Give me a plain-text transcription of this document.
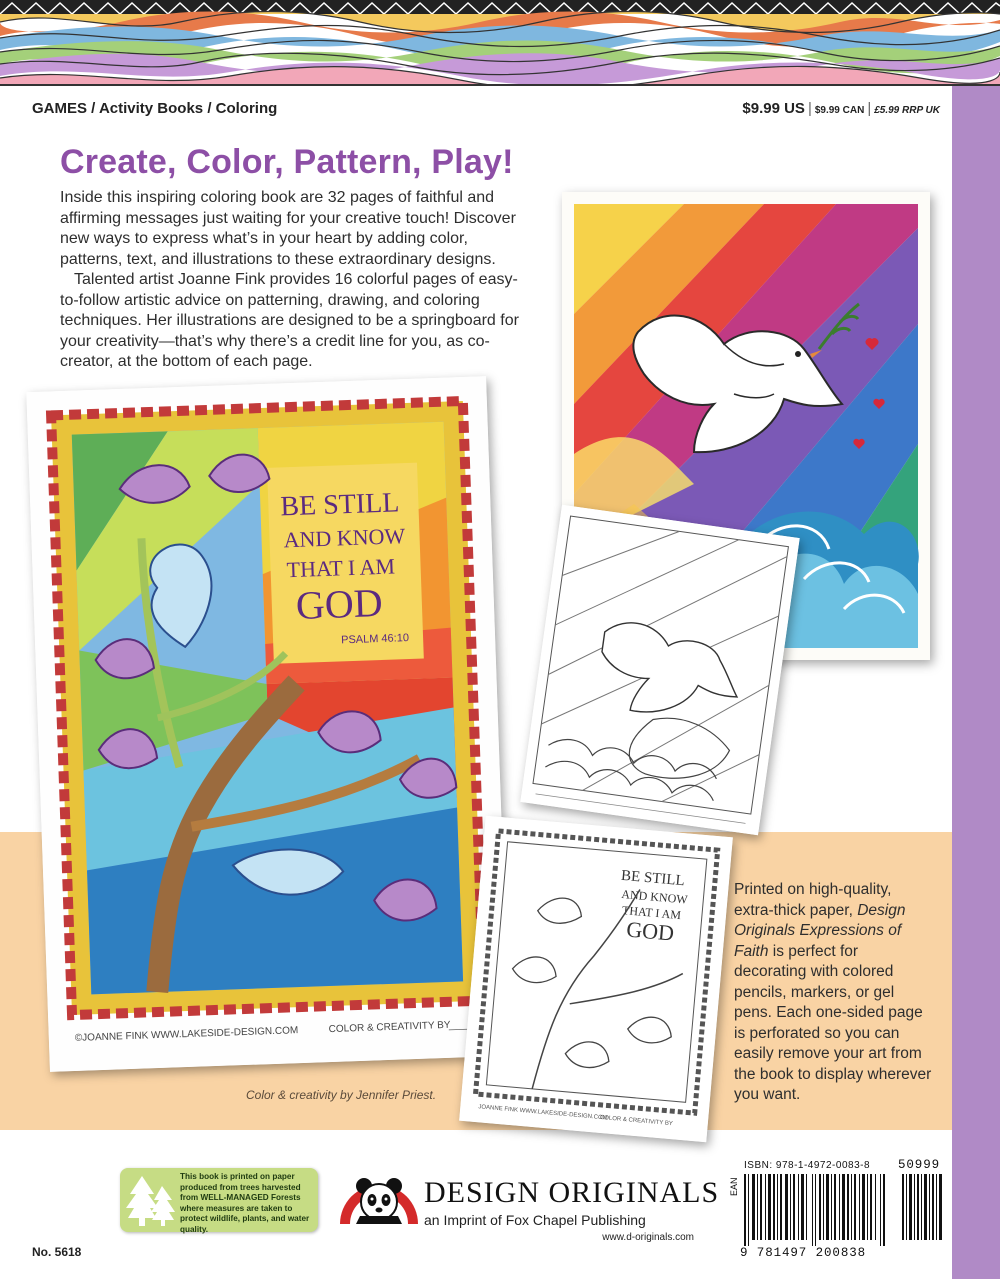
GAMES / Activity Books / Coloring	$9.99 US | $9.99 CAN | £5.99 RRP UK
Create, Color, Pattern, Play!

Inside this inspiring coloring book are 32 pages of faithful and affirming messages just waiting for your creative touch! Discover new ways to express what’s in your heart by adding color, patterns, text, and illustrations to these extraordinary designs.

Talented artist Joanne Fink provides 16 colorful pages of easy-to-follow artistic advice on patterning, drawing, and coloring techniques. Her illustrations are designed to be a springboard for your creativity—that’s why there’s a credit line for you, as co-creator, at the bottom of each page.

BE STILL
AND KNOW
THAT I AM
GOD
PSALM 46:10
©JOANNE FINK WWW.LAKESIDE-DESIGN.COM	COLOR & CREATIVITY BY
BE STILL
AND KNOW
THAT I AM
GOD
JOANNE FINK WWW.LAKESIDE-DESIGN.COM
COLOR & CREATIVITY BY
Color & creativity by Jennifer Priest.
Printed on high-quality, extra-thick paper, Design Originals Expressions of Faith is perfect for decorating with colored pencils, markers, or gel pens. Each one-sided page is perforated so you can easily remove your art from the book to display wherever you want.
No. 5618
This book is printed on paper produced from trees harvested from WELL-MANAGED Forests where measures are taken to protect wildlife, plants, and water quality.
DESIGN ORIGINALS
an Imprint of Fox Chapel Publishing
www.d-originals.com
EAN
ISBN: 978-1-4972-0083-8
9 781497 200838
50999
